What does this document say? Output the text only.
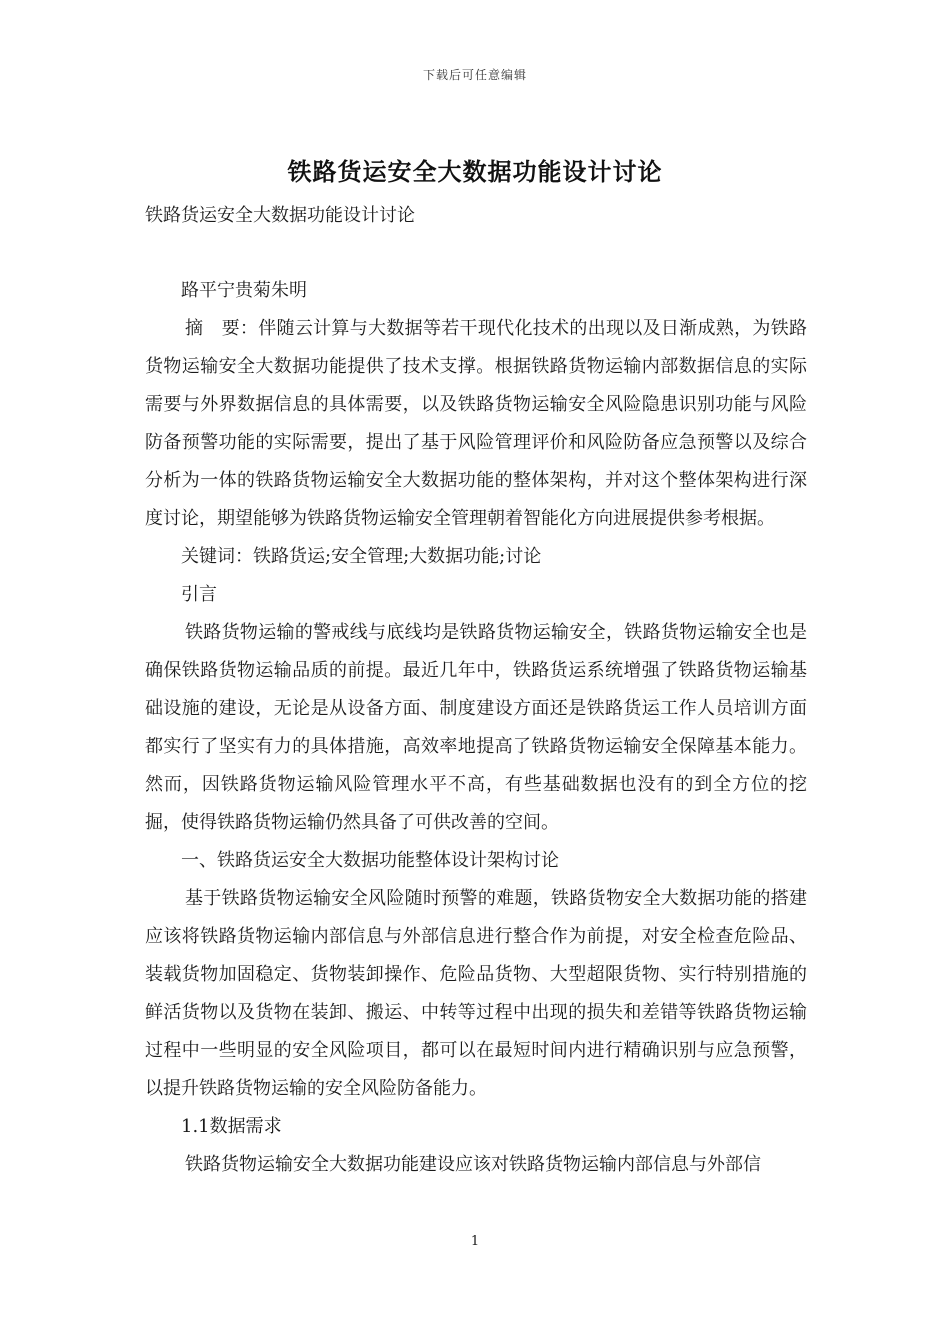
下载后可任意编辑
铁路货运安全大数据功能设计讨论
铁路货运安全大数据功能设计讨论

路平宁贵菊朱明

摘　要：伴随云计算与大数据等若干现代化技术的出现以及日渐成熟，为铁路货物运输安全大数据功能提供了技术支撑。根据铁路货物运输内部数据信息的实际需要与外界数据信息的具体需要，以及铁路货物运输安全风险隐患识别功能与风险防备预警功能的实际需要，提出了基于风险管理评价和风险防备应急预警以及综合分析为一体的铁路货物运输安全大数据功能的整体架构，并对这个整体架构进行深度讨论，期望能够为铁路货物运输安全管理朝着智能化方向进展提供参考根据。

关键词：铁路货运;安全管理;大数据功能;讨论

引言

铁路货物运输的警戒线与底线均是铁路货物运输安全，铁路货物运输安全也是确保铁路货物运输品质的前提。最近几年中，铁路货运系统增强了铁路货物运输基础设施的建设，无论是从设备方面、制度建设方面还是铁路货运工作人员培训方面都实行了坚实有力的具体措施，高效率地提高了铁路货物运输安全保障基本能力。然而，因铁路货物运输风险管理水平不高，有些基础数据也没有的到全方位的挖掘，使得铁路货物运输仍然具备了可供改善的空间。

一、铁路货运安全大数据功能整体设计架构讨论

基于铁路货物运输安全风险随时预警的难题，铁路货物安全大数据功能的搭建应该将铁路货物运输内部信息与外部信息进行整合作为前提，对安全检查危险品、装载货物加固稳定、货物装卸操作、危险品货物、大型超限货物、实行特别措施的鲜活货物以及货物在装卸、搬运、中转等过程中出现的损失和差错等铁路货物运输过程中一些明显的安全风险项目，都可以在最短时间内进行精确识别与应急预警，以提升铁路货物运输的安全风险防备能力。

1.1数据需求

铁路货物运输安全大数据功能建设应该对铁路货物运输内部信息与外部信

1
